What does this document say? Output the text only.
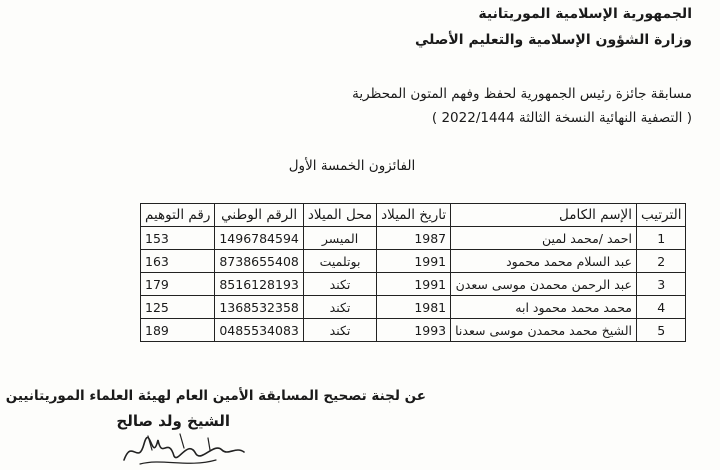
الجمهورية الإسلامية الموريتانية
وزارة الشؤون الإسلامية والتعليم الأصلي
مسابقة جائزة رئيس الجمهورية لحفظ وفهم المتون المحظرية
( التصفية النهائية النسخة الثالثة 2022/1444 )
الفائزون الخمسة الأول
الترتيب	الإسم الكامل	تاريخ الميلاد	محل الميلاد	الرقم الوطني	رقم التوهيم
1	احمد /محمد لمين	1987	الميسر	1496784594	153
2	عبد السلام محمد محمود	1991	بوتلميت	8738655408	163
3	عبد الرحمن محمدن موسى سعدن	1991	تكند	8516128193	179
4	محمد محمد محمود ابه	1981	تكند	1368532358	125
5	الشيخ محمد محمدن موسى سعدنا	1993	تكند	0485534083	189
عن لجنة تصحيح المسابقة الأمين العام لهيئة العلماء الموريتانيين
الشيخ ولد صالح
